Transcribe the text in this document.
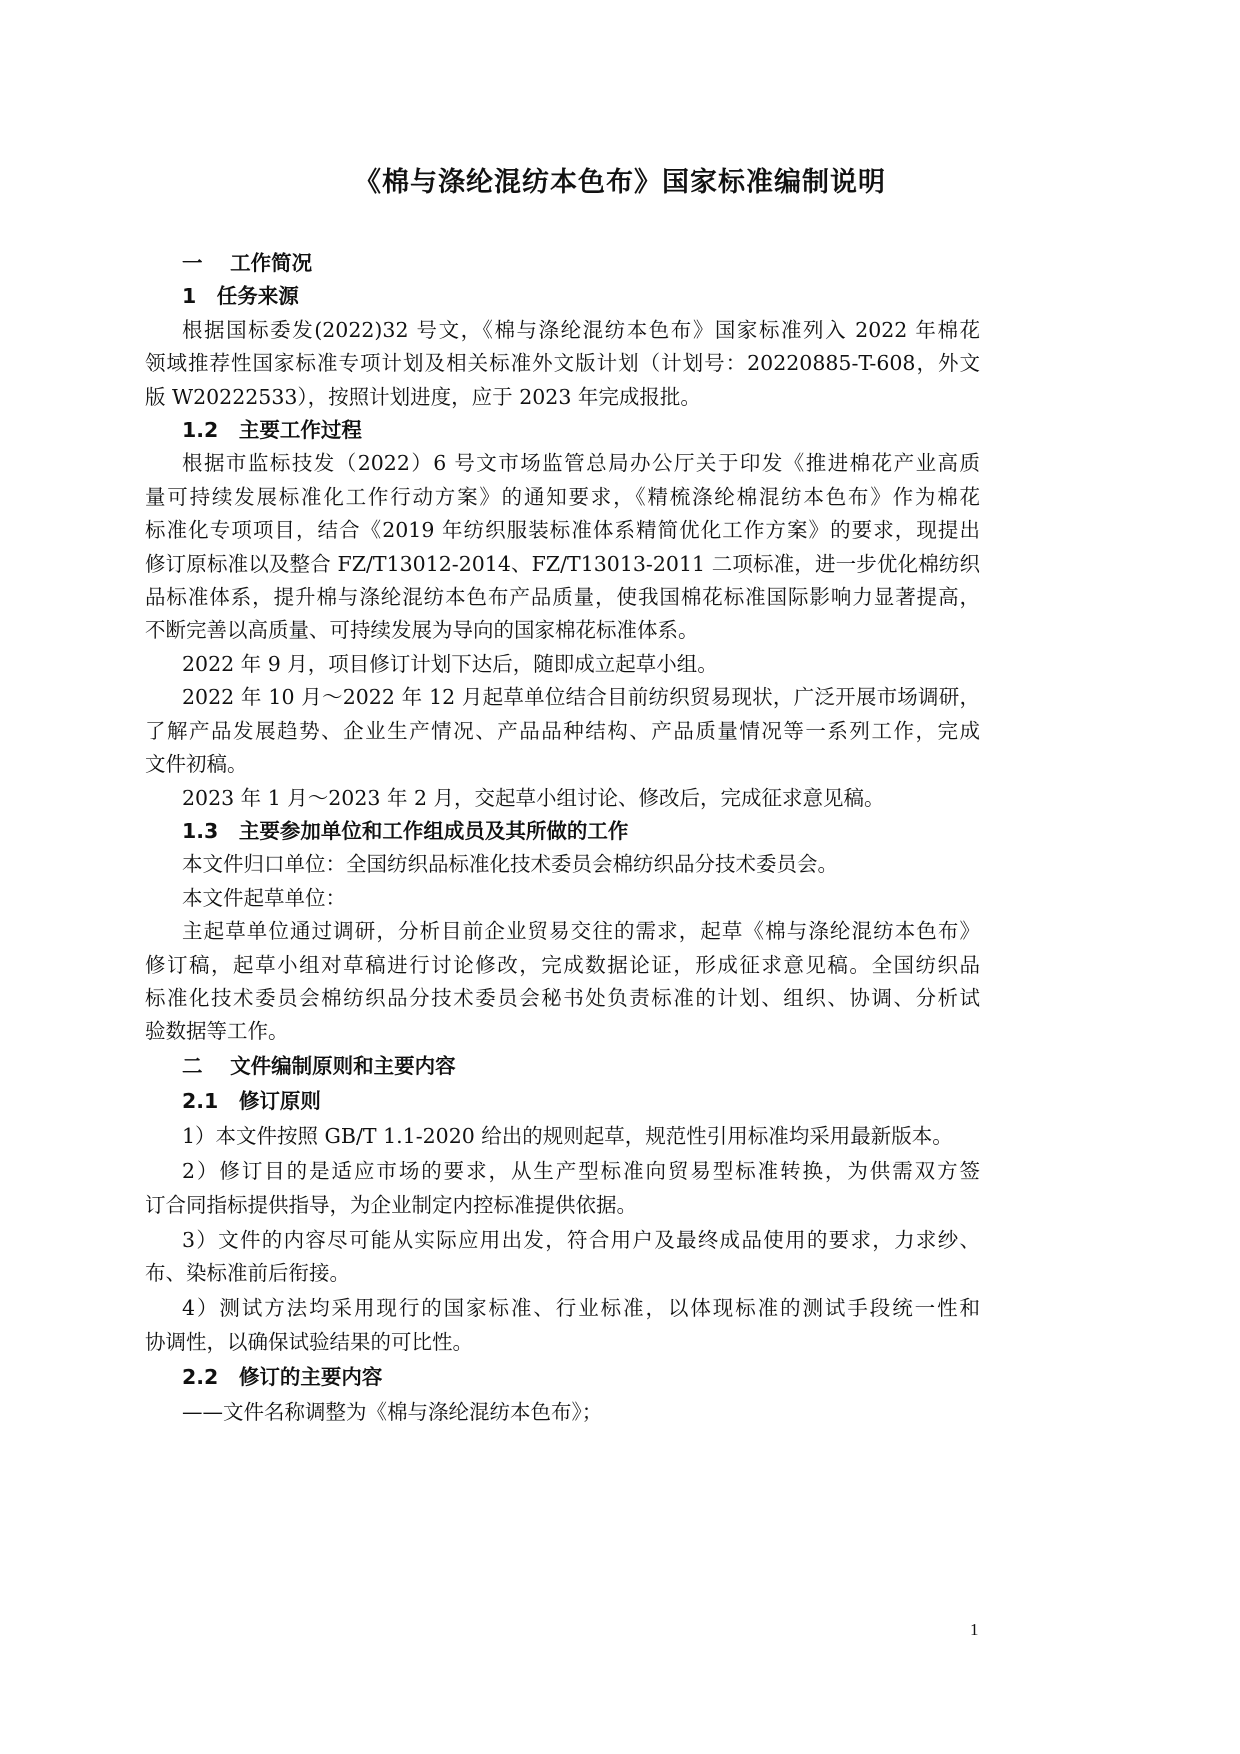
《棉与涤纶混纺本色布》国家标准编制说明
一　 工作简况
1　任务来源
根据国标委发(2022)32 号文，《棉与涤纶混纺本色布》国家标准列入 2022 年棉花
领域推荐性国家标准专项计划及相关标准外文版计划（计划号：20220885-T-608，外文
版 W20222533），按照计划进度，应于 2023 年完成报批。
1.2　主要工作过程
根据市监标技发（2022）6 号文市场监管总局办公厅关于印发《推进棉花产业高质
量可持续发展标准化工作行动方案》的通知要求，《精梳涤纶棉混纺本色布》作为棉花
标准化专项项目，结合《2019 年纺织服装标准体系精简优化工作方案》的要求，现提出
修订原标准以及整合 FZ/T13012-2014、FZ/T13013-2011 二项标准，进一步优化棉纺织
品标准体系，提升棉与涤纶混纺本色布产品质量，使我国棉花标准国际影响力显著提高，
不断完善以高质量、可持续发展为导向的国家棉花标准体系。
2022 年 9 月，项目修订计划下达后，随即成立起草小组。
2022 年 10 月～2022 年 12 月起草单位结合目前纺织贸易现状，广泛开展市场调研，
了解产品发展趋势、企业生产情况、产品品种结构、产品质量情况等一系列工作，完成
文件初稿。
2023 年 1 月～2023 年 2 月，交起草小组讨论、修改后，完成征求意见稿。
1.3　主要参加单位和工作组成员及其所做的工作
本文件归口单位：全国纺织品标准化技术委员会棉纺织品分技术委员会。
本文件起草单位：
主起草单位通过调研，分析目前企业贸易交往的需求，起草《棉与涤纶混纺本色布》
修订稿，起草小组对草稿进行讨论修改，完成数据论证，形成征求意见稿。全国纺织品
标准化技术委员会棉纺织品分技术委员会秘书处负责标准的计划、组织、协调、分析试
验数据等工作。
二　 文件编制原则和主要内容
2.1　修订原则
1）本文件按照 GB/T 1.1-2020 给出的规则起草，规范性引用标准均采用最新版本。
2）修订目的是适应市场的要求，从生产型标准向贸易型标准转换，为供需双方签
订合同指标提供指导，为企业制定内控标准提供依据。
3）文件的内容尽可能从实际应用出发，符合用户及最终成品使用的要求，力求纱、
布、染标准前后衔接。
4）测试方法均采用现行的国家标准、行业标准，以体现标准的测试手段统一性和
协调性，以确保试验结果的可比性。
2.2　修订的主要内容
——文件名称调整为《棉与涤纶混纺本色布》；
1
